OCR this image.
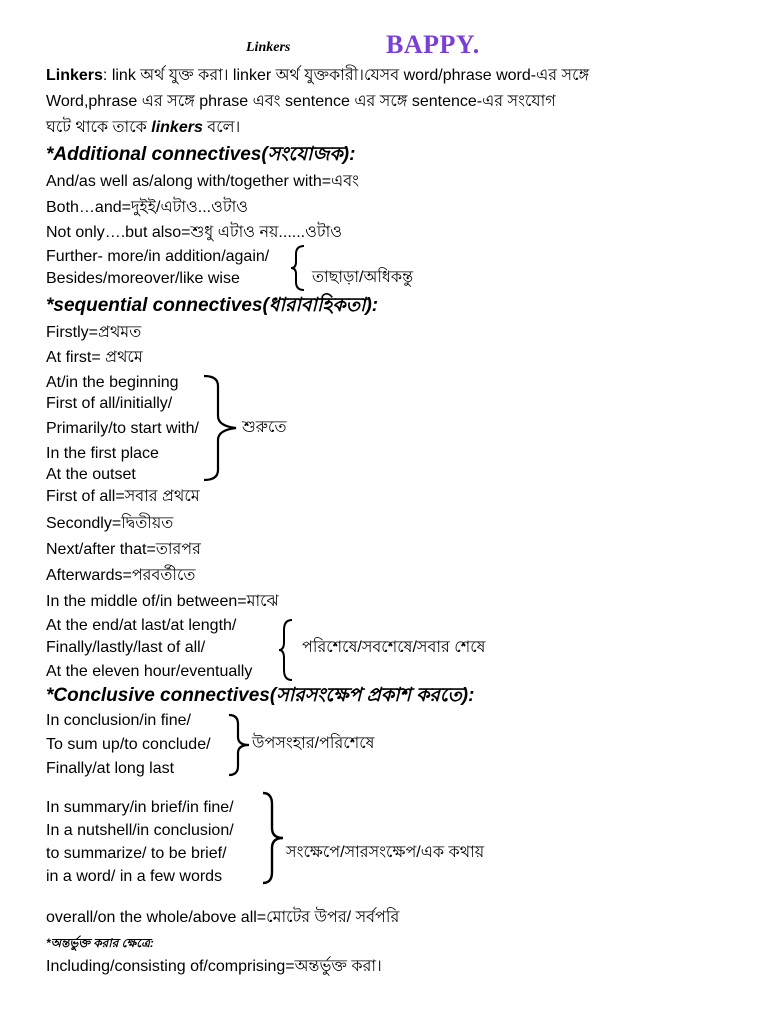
Linkers	BAPPY.
Linkers: link অর্থ যুক্ত করা। linker অর্থ যুক্তকারী।যেসব word/phrase word-এর সঙ্গে
Word,phrase এর সঙ্গে phrase এবং sentence এর সঙ্গে sentence-এর সংযোগ
ঘটে থাকে তাকে linkers বলে।
*Additional connectives(সংযোজক):
And/as well as/along with/together with=এবং
Both…and=দুইই/এটাও...ওটাও
Not only….but also=শুধু এটাও নয়......ওটাও
Further- more/in addition/again/
Besides/moreover/like wise	তাছাড়া/অধিকন্তু
*sequential connectives(ধারাবাহিকতা):
Firstly=প্রথমত
At first= প্রথমে
At/in the beginning
First of all/initially/
Primarily/to start with/
In the first place
At the outset
শুরুতে
First of all=সবার প্রথমে
Secondly=দ্বিতীয়ত
Next/after that=তারপর
Afterwards=পরবর্তীতে
In the middle of/in between=মাঝে
At the end/at last/at length/
Finally/lastly/last of all/
At the eleven hour/eventually
পরিশেষে/সবশেষে/সবার শেষে
*Conclusive connectives(সারসংক্ষেপ প্রকাশ করতে):
In conclusion/in fine/
To sum up/to conclude/
Finally/at long last
উপসংহার/পরিশেষে
In summary/in brief/in fine/
In a nutshell/in conclusion/
to summarize/ to be brief/
in a word/ in a few words
সংক্ষেপে/সারসংক্ষেপ/এক কথায়
overall/on the whole/above all=মোটের উপর/ সর্বপরি
*অন্তর্ভুক্ত করার ক্ষেত্রে:
Including/consisting of/comprising=অন্তর্ভুক্ত করা।
